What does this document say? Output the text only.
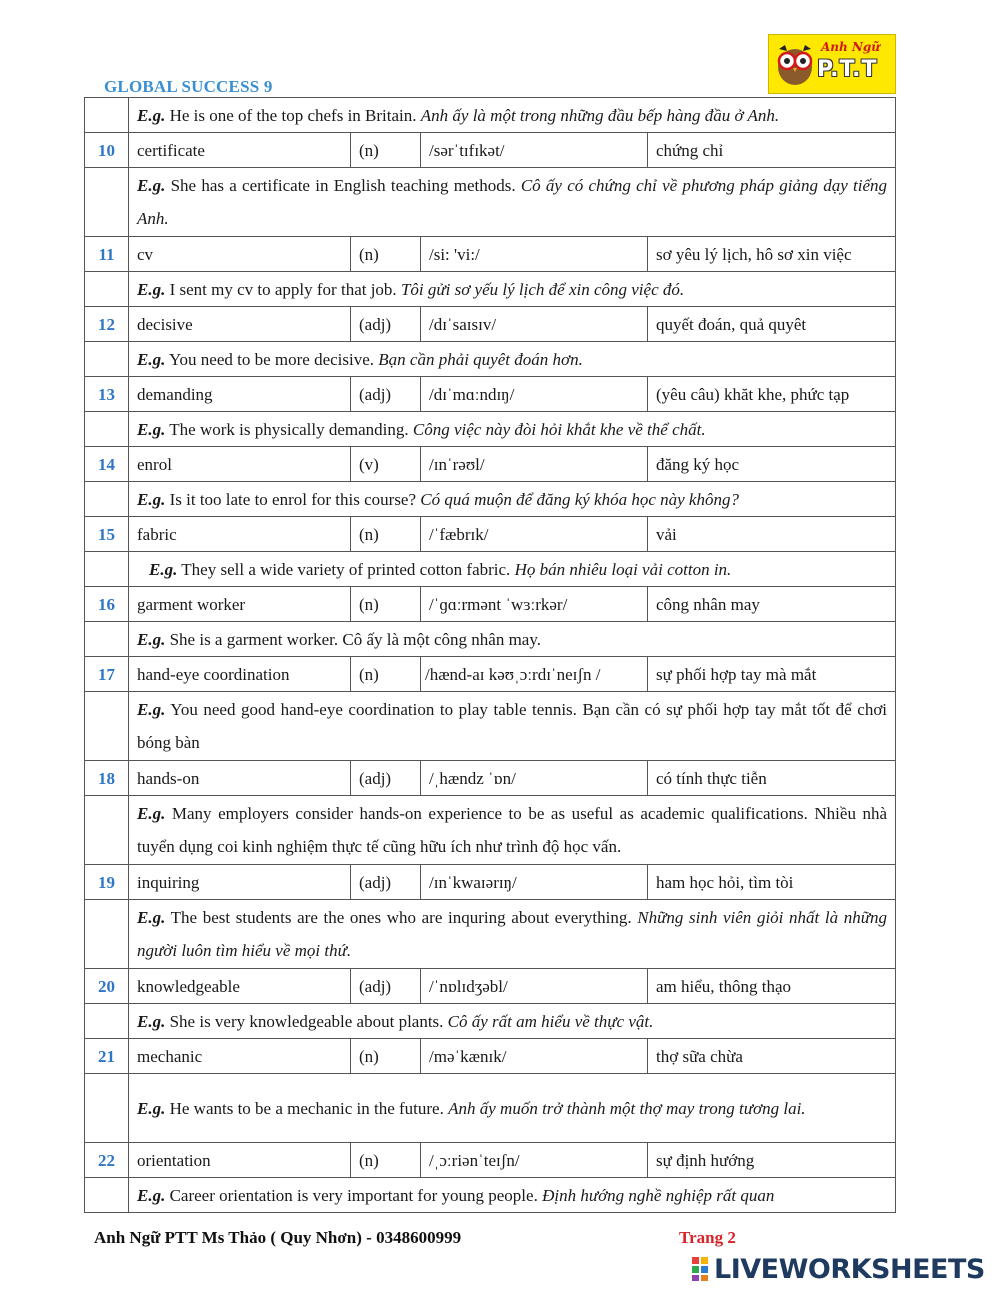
GLOBAL SUCCESS 9
Anh Ngữ
P.T.T
	E.g. He is one of the top chefs in Britain. Anh ấy là một trong những đầu bếp hàng đầu ở Anh.			
10	certificate	(n)	/sərˈtɪfɪkət/	chứng chỉ
	E.g. She has a certificate in English teaching methods. Cô ấy có chứng chỉ về phương pháp giảng dạy tiếng Anh.			
11	cv	(n)	/si: 'vi:/	sơ yêu lý lịch, hô sơ xin việc
	E.g. I sent my cv to apply for that job. Tôi gửi sơ yếu lý lịch để xin công việc đó.			
12	decisive	(adj)	/dɪˈsaɪsɪv/	quyết đoán, quả quyêt
	E.g. You need to be more decisive. Bạn cần phải quyêt đoán hơn.			
13	demanding	(adj)	/dɪˈmɑːndɪŋ/	(yêu câu) khăt khe, phức tạp
	E.g. The work is physically demanding. Công việc này đòi hỏi khắt khe về thể chất.			
14	enrol	(v)	/ɪnˈrəʊl/	đăng ký học
	E.g. Is it too late to enrol for this course? Có quá muộn để đăng ký khóa học này không?			
15	fabric	(n)	/ˈfæbrɪk/	vải
	E.g. They sell a wide variety of printed cotton fabric. Họ bán nhiêu loại vải cotton in.			
16	garment worker	(n)	/ˈɡɑːrmənt ˈwɜːrkər/	công nhân may
	E.g. She is a garment worker. Cô ấy là một công nhân may.			
17	hand-eye coordination	(n)	/hænd-aɪ kəʊˌɔːrdɪˈneɪʃn /	sự phối hợp tay mà mắt
	E.g. You need good hand-eye coordination to play table tennis. Bạn cần có sự phối hợp tay mắt tốt để chơi bóng bàn			
18	hands-on	(adj)	/ˌhændz ˈɒn/	có tính thực tiễn
	E.g. Many employers consider hands-on experience to be as useful as academic qualifications. Nhiều nhà tuyển dụng coi kinh nghiệm thực tế cũng hữu ích như trình độ học vấn.			
19	inquiring	(adj)	/ɪnˈkwaɪərɪŋ/	ham học hỏi, tìm tòi
	E.g. The best students are the ones who are inquring about everything. Những sinh viên giỏi nhất là những người luôn tìm hiểu về mọi thứ.			
20	knowledgeable	(adj)	/ˈnɒlɪdʒəbl/	am hiểu, thông thạo
	E.g. She is very knowledgeable about plants. Cô ấy rất am hiểu về thực vật.			
21	mechanic	(n)	/məˈkænɪk/	thợ sữa chừa
	E.g. He wants to be a mechanic in the future. Anh ấy muốn trở thành một thợ may trong tương lai.			
22	orientation	(n)	/ˌɔːriənˈteɪʃn/	sự định hướng
	E.g. Career orientation is very important for young people. Định hướng nghề nghiệp rất quan			
Anh Ngữ PTT Ms Thảo ( Quy Nhơn) - 0348600999	Trang 2
LIVEWORKSHEETS
